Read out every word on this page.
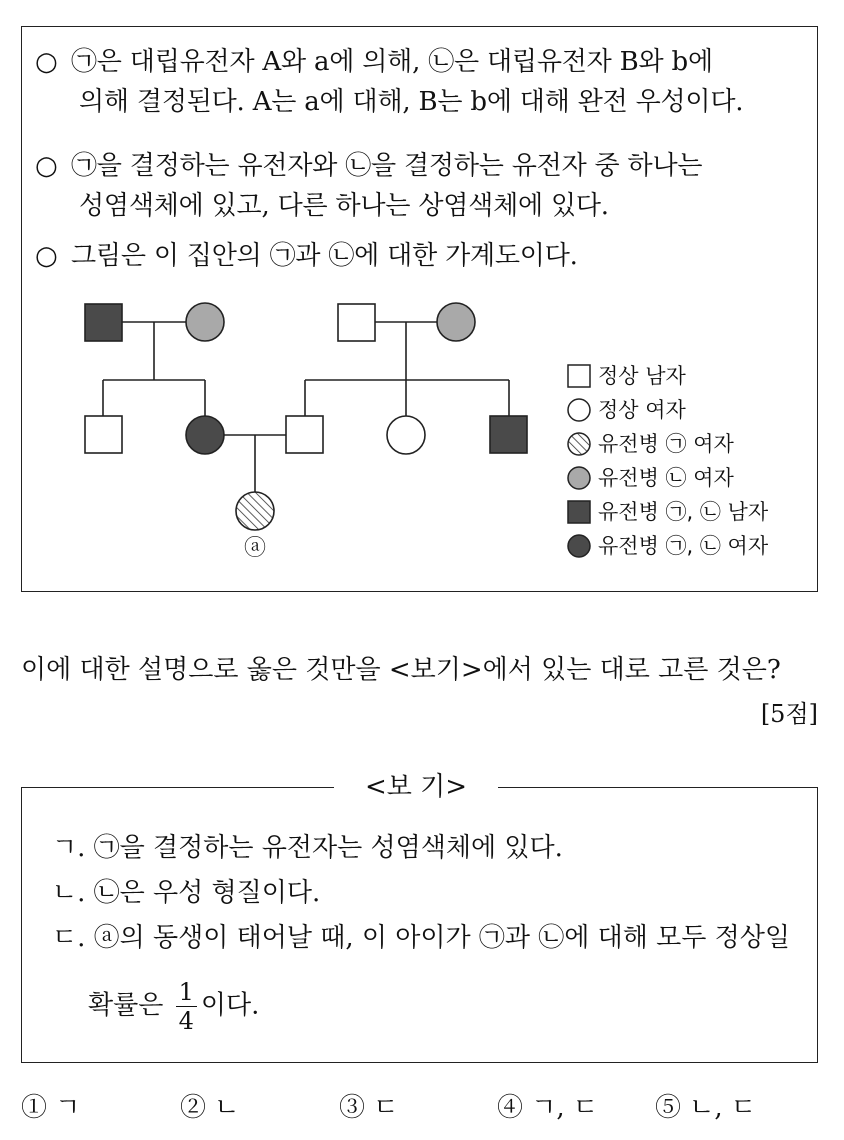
○ ㉠은 대립유전자 A와 a에 의해, ㉡은 대립유전자 B와 b에
의해 결정된다. A는 a에 대해, B는 b에 대해 완전 우성이다.
○ ㉠을 결정하는 유전자와 ㉡을 결정하는 유전자 중 하나는
성염색체에 있고, 다른 하나는 상염색체에 있다.
○ 그림은 이 집안의 ㉠과 ㉡에 대한 가계도이다.
ⓐ
정상 남자
정상 여자
유전병 ㉠ 여자
유전병 ㉡ 여자
유전병 ㉠, ㉡ 남자
유전병 ㉠, ㉡ 여자
이에 대한 설명으로 옳은 것만을 <보기>에서 있는 대로 고른 것은?
[5점]
<보 기>
ㄱ. ㉠을 결정하는 유전자는 성염색체에 있다.
ㄴ. ㉡은 우성 형질이다.
ㄷ. ⓐ의 동생이 태어날 때, 이 아이가 ㉠과 ㉡에 대해 모두 정상일
확률은 $\frac{1}{4}$ 이다.
① ㄱ	② ㄴ	③ ㄷ	④ ㄱ, ㄷ ⑤ ㄴ, ㄷ
